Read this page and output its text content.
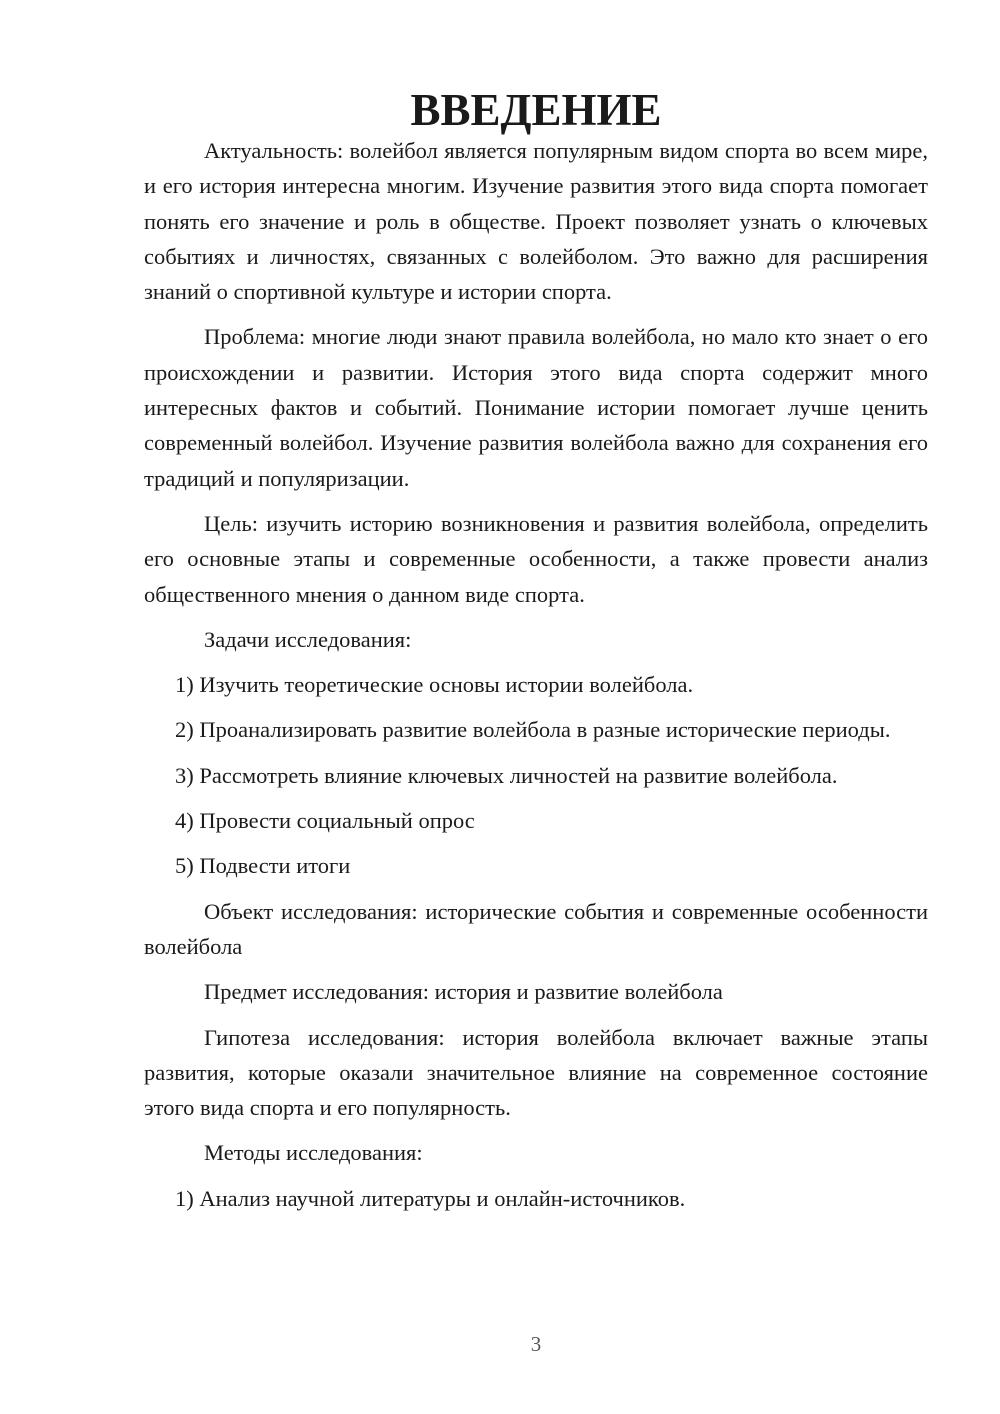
ВВЕДЕНИЕ

Актуальность: волейбол является популярным видом спорта во всем мире, и его история интересна многим. Изучение развития этого вида спорта помогает понять его значение и роль в обществе. Проект позволяет узнать о ключевых событиях и личностях, связанных с волейболом. Это важно для расширения знаний о спортивной культуре и истории спорта.

Проблема: многие люди знают правила волейбола, но мало кто знает о его происхождении и развитии. История этого вида спорта содержит много интересных фактов и событий. Понимание истории помогает лучше ценить современный волейбол. Изучение развития волейбола важно для сохранения его традиций и популяризации.

Цель: изучить историю возникновения и развития волейбола, определить его основные этапы и современные особенности, а также провести анализ общественного мнения о данном виде спорта.

Задачи исследования:

1) Изучить теоретические основы истории волейбола.

2) Проанализировать развитие волейбола в разные исторические периоды.

3) Рассмотреть влияние ключевых личностей на развитие волейбола.

4) Провести социальный опрос

5) Подвести итоги

Объект исследования: исторические события и современные особенности волейбола

Предмет исследования: история и развитие волейбола

Гипотеза исследования: история волейбола включает важные этапы развития, которые оказали значительное влияние на современное состояние этого вида спорта и его популярность.

Методы исследования:

1) Анализ научной литературы и онлайн-источников.

3
